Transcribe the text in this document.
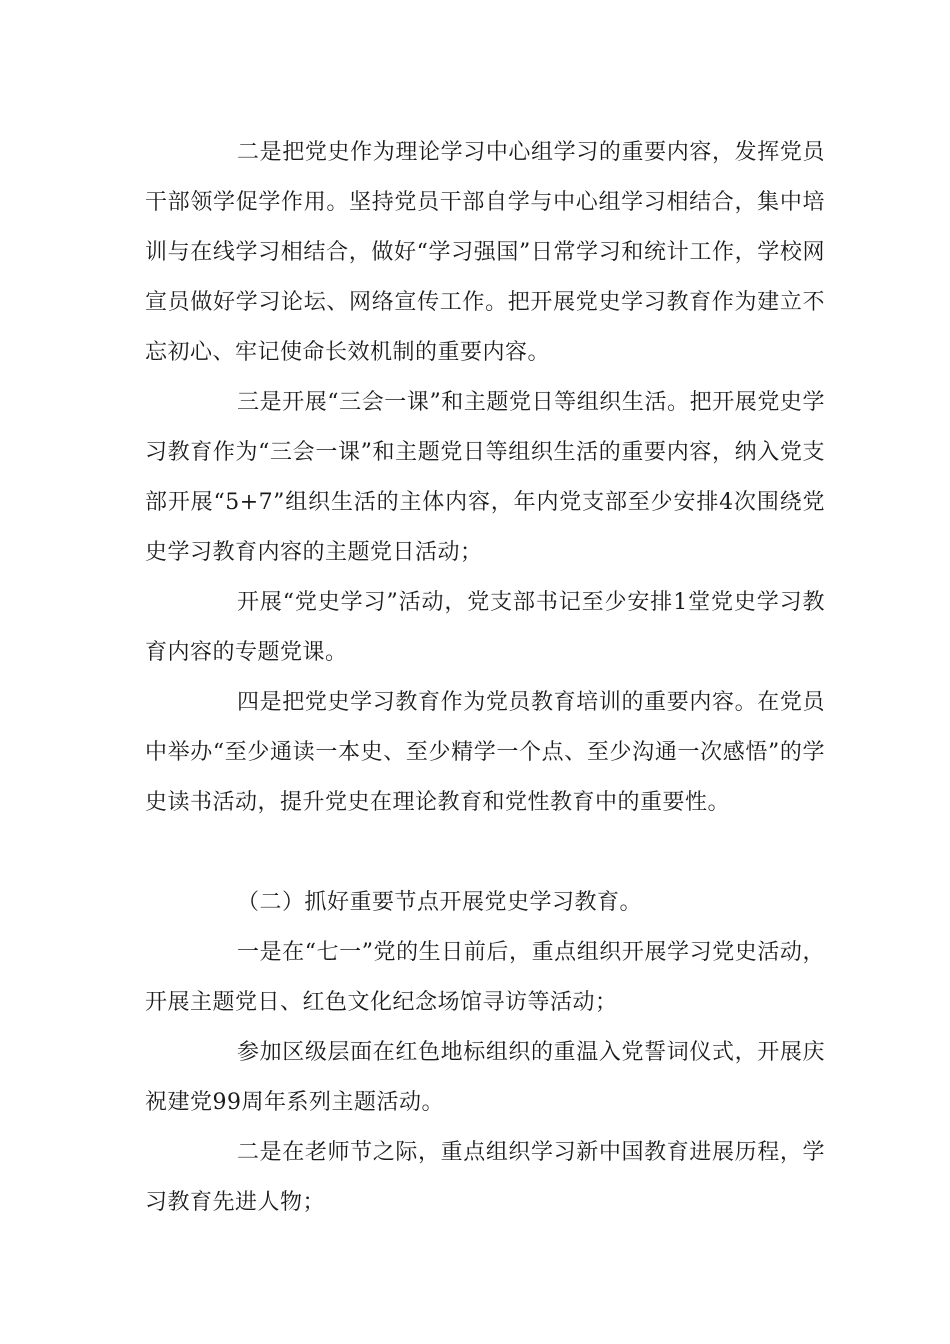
二是把党史作为理论学习中心组学习的重要内容，发挥党员干部领学促学作用。坚持党员干部自学与中心组学习相结合，集中培训与在线学习相结合，做好“学习强国”日常学习和统计工作，学校网宣员做好学习论坛、网络宣传工作。把开展党史学习教育作为建立不忘初心、牢记使命长效机制的重要内容。

三是开展“三会一课”和主题党日等组织生活。把开展党史学习教育作为“三会一课”和主题党日等组织生活的重要内容，纳入党支部开展“5+7”组织生活的主体内容，年内党支部至少安排4次围绕党史学习教育内容的主题党日活动；

开展“党史学习”活动，党支部书记至少安排1堂党史学习教育内容的专题党课。

四是把党史学习教育作为党员教育培训的重要内容。在党员中举办“至少通读一本史、至少精学一个点、至少沟通一次感悟”的学史读书活动，提升党史在理论教育和党性教育中的重要性。

（二）抓好重要节点开展党史学习教育。

一是在“七一”党的生日前后，重点组织开展学习党史活动，开展主题党日、红色文化纪念场馆寻访等活动；

参加区级层面在红色地标组织的重温入党誓词仪式，开展庆祝建党99周年系列主题活动。

二是在老师节之际，重点组织学习新中国教育进展历程，学习教育先进人物；
